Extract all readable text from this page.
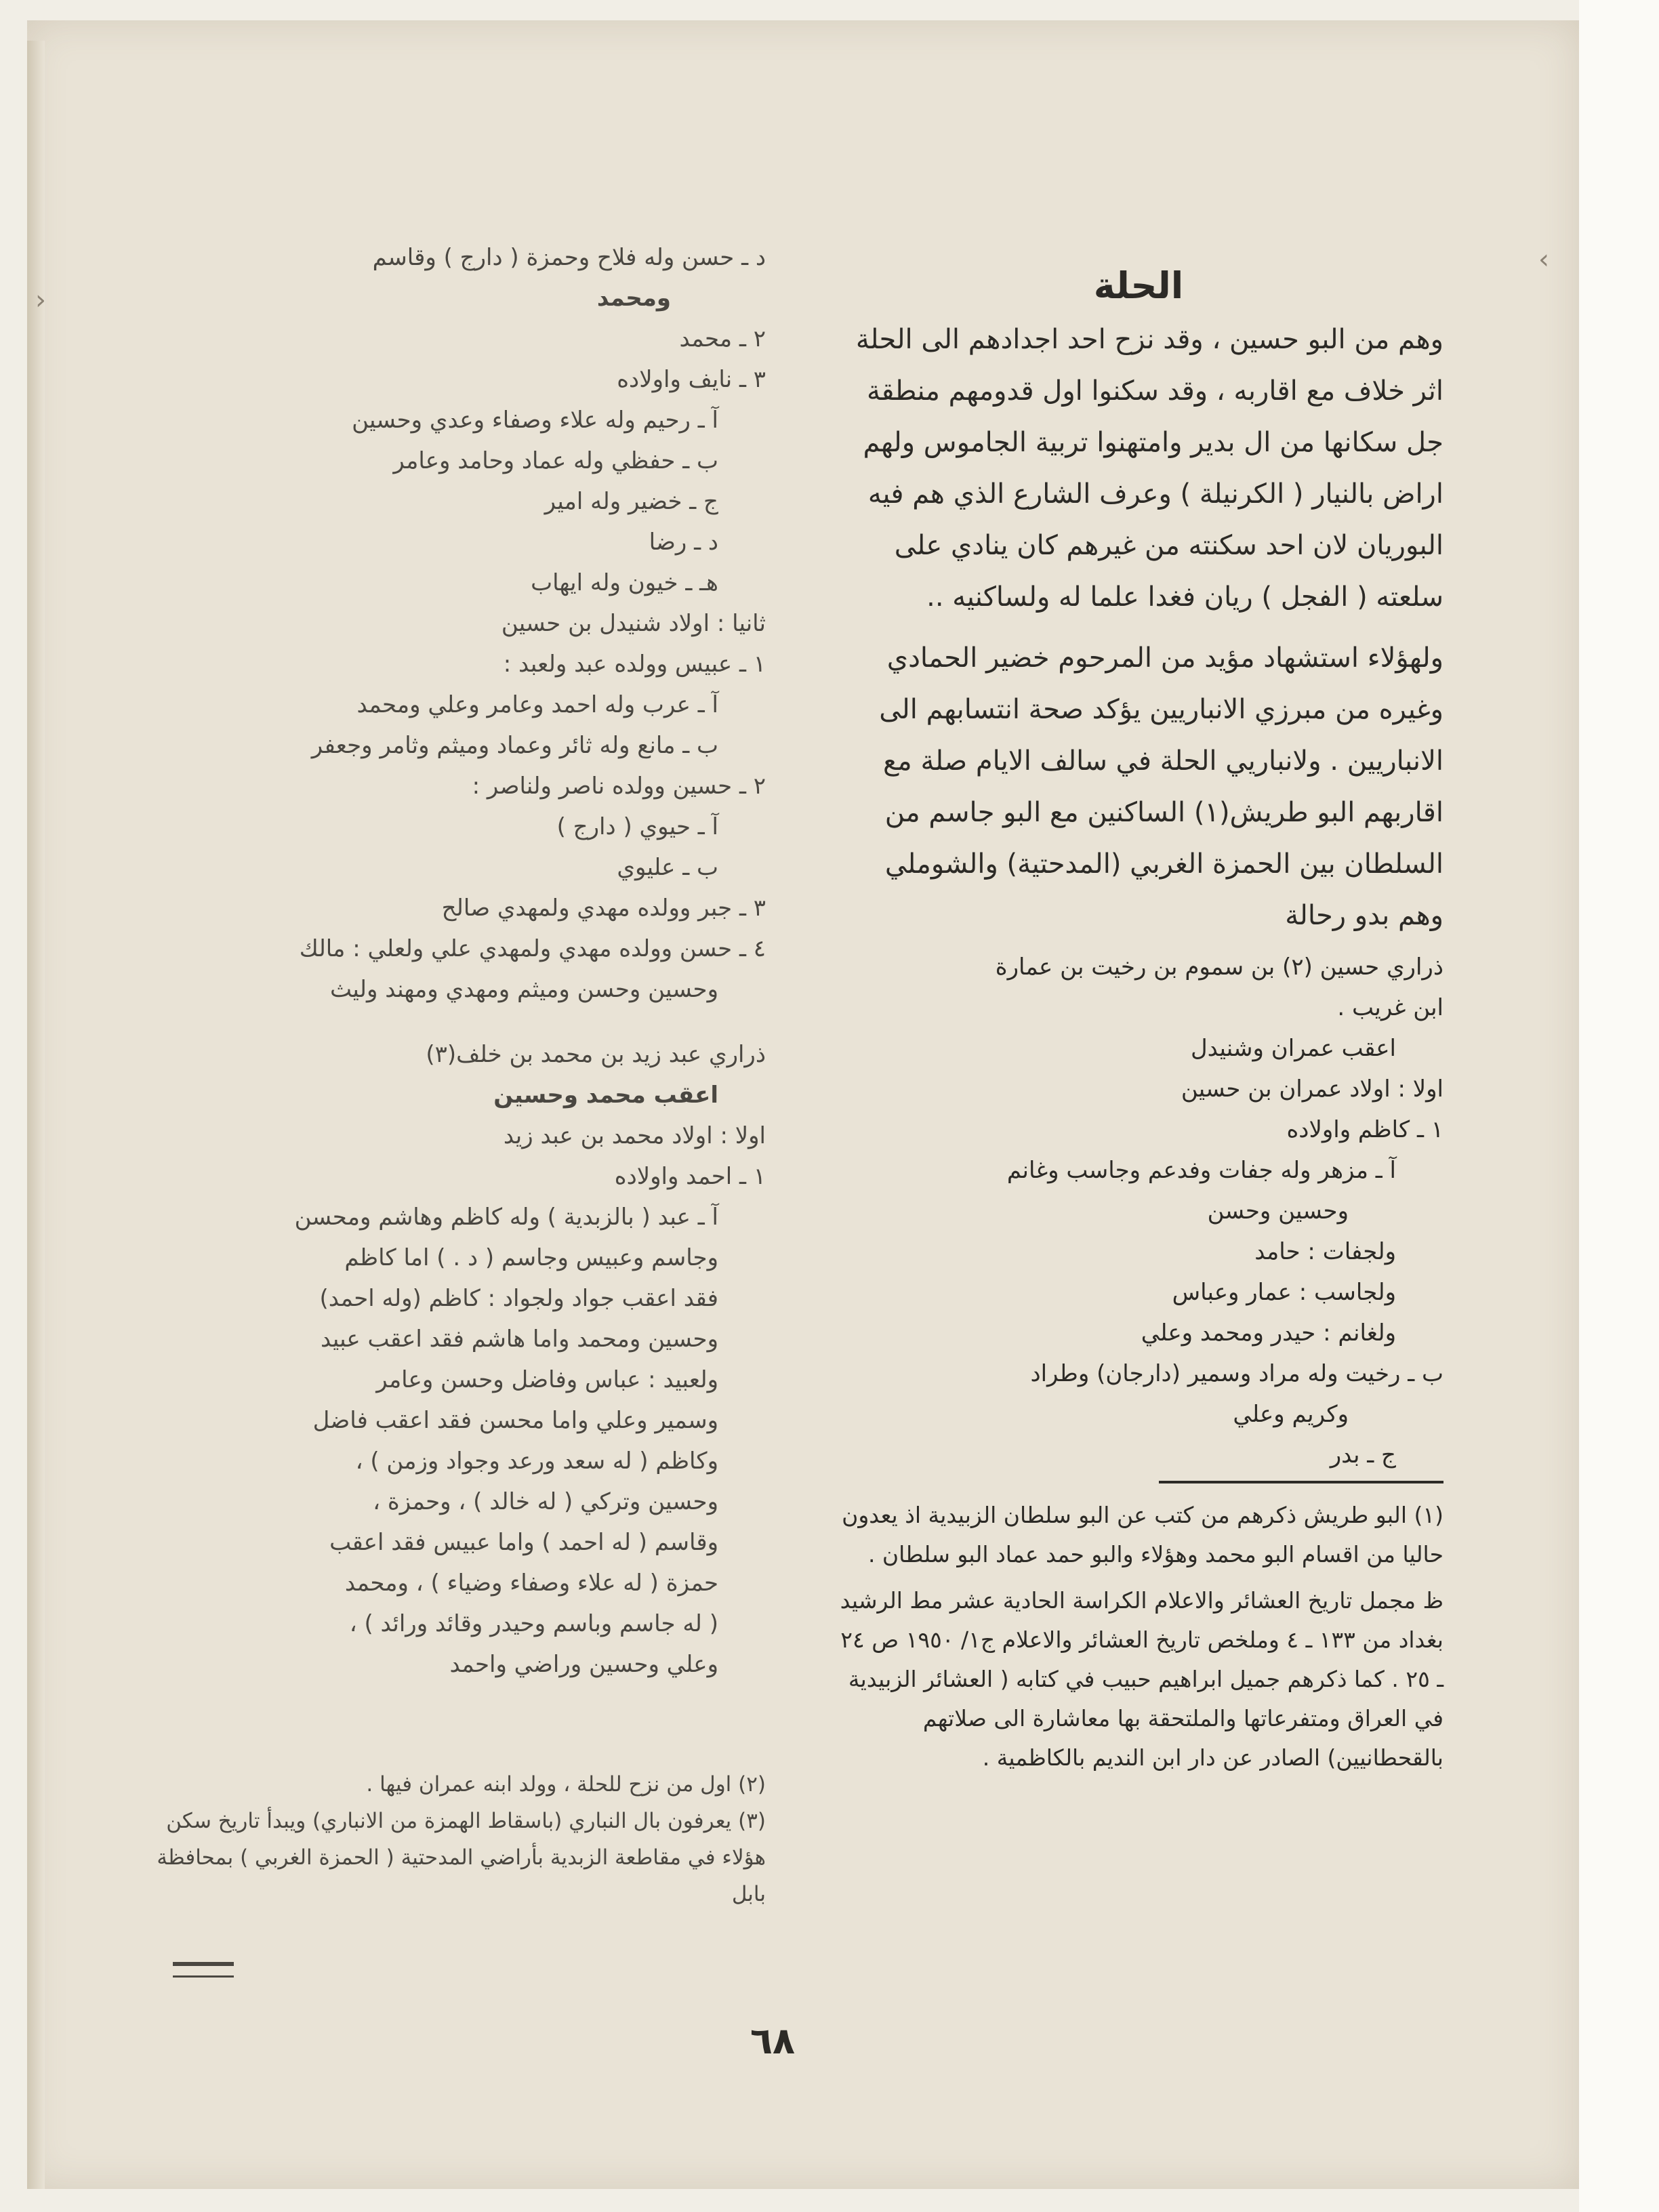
‹
›	الحلة

وهم من البو حسين ، وقد نزح احد اجدادهم الى الحلة اثر خلاف مع اقاربه ، وقد سكنوا اول قدومهم منطقة جل سكانها من ال بدير وامتهنوا تربية الجاموس ولهم اراض بالنيار ( الكرنيلة ) وعرف الشارع الذي هم فيه البوريان لان احد سكنته من غيرهم كان ينادي على سلعته ( الفجل ) ريان فغدا علما له ولساكنيه ..

ولهؤلاء استشهاد مؤيد من المرحوم خضير الحمادي وغيره من مبرزي الانباريين يؤكد صحة انتسابهم الى الانباريين . ولانباريي الحلة في سالف الايام صلة مع اقاربهم البو طريش(١) الساكنين مع البو جاسم من السلطان بين الحمزة الغربي (المدحتية) والشوملي وهم بدو رحالة

ذراري حسين (٢) بن سموم بن رخيت بن عمارة

ابن غريب .

اعقب عمران وشنيدل

اولا : اولاد عمران بن حسين

١ ـ كاظم واولاده

آ ـ مزهر وله جفات وفدعم وجاسب وغانم

وحسين وحسن

ولجفات : حامد

ولجاسب : عمار وعباس

ولغانم : حيدر ومحمد وعلي

ب ـ رخيت وله مراد وسمير (دارجان) وطراد

وكريم وعلي

ج ـ بدر

(١) البو طريش ذكرهم من كتب عن البو سلطان الزبيدية اذ يعدون حاليا من اقسام البو محمد وهؤلاء والبو حمد عماد البو سلطان .

ظ مجمل تاريخ العشائر والاعلام الكراسة الحادية عشر مط الرشيد بغداد من ١٣٣ ـ ٤ وملخص تاريخ العشائر والاعلام ج١/ ١٩٥٠ ص ٢٤ ـ ٢٥ . كما ذكرهم جميل ابراهيم حبيب في كتابه ( العشائر الزبيدية في العراق ومتفرعاتها والملتحقة بها معاشارة الى صلاتهم بالقحطانيين) الصادر عن دار ابن النديم بالكاظمية .

د ـ حسن وله فلاح وحمزة ( دارج ) وقاسم

ومحمد

٢ ـ محمد

٣ ـ نايف واولاده

آ ـ رحيم وله علاء وصفاء وعدي وحسين

ب ـ حفظي وله عماد وحامد وعامر

ج ـ خضير وله امير

د ـ رضا

هـ ـ خيون وله ايهاب

ثانيا : اولاد شنيدل بن حسين

١ ـ عبيس وولده عبد ولعبد :

آ ـ عرب وله احمد وعامر وعلي ومحمد

ب ـ مانع وله ثائر وعماد وميثم وثامر وجعفر

٢ ـ حسين وولده ناصر ولناصر :

آ ـ حيوي ( دارج )

ب ـ عليوي

٣ ـ جبر وولده مهدي ولمهدي صالح

٤ ـ حسن وولده مهدي ولمهدي علي ولعلي : مالك

وحسين وحسن وميثم ومهدي ومهند وليث

ذراري عبد زيد بن محمد بن خلف(٣)

اعقب محمد وحسين

اولا : اولاد محمد بن عبد زيد

١ ـ احمد واولاده

آ ـ عبد ( بالزبدية ) وله كاظم وهاشم ومحسن

وجاسم وعبيس وجاسم ( د . ) اما كاظم

فقد اعقب جواد ولجواد : كاظم (وله احمد)

وحسين ومحمد واما هاشم فقد اعقب عبيد

ولعبيد : عباس وفاضل وحسن وعامر

وسمير وعلي واما محسن فقد اعقب فاضل

وكاظم ( له سعد ورعد وجواد وزمن ) ،

وحسين وتركي ( له خالد ) ، وحمزة ،

وقاسم ( له احمد ) واما عبيس فقد اعقب

حمزة ( له علاء وصفاء وضياء ) ، ومحمد

( له جاسم وباسم وحيدر وقائد ورائد ) ،

وعلي وحسين وراضي واحمد

(٢) اول من نزح للحلة ، وولد ابنه عمران فيها .

(٣) يعرفون بال النباري (باسقاط الهمزة من الانباري) ويبدأ تاريخ سكن هؤلاء في مقاطعة الزبدية بأراضي المدحتية ( الحمزة الغربي ) بمحافظة بابل

٦٨
